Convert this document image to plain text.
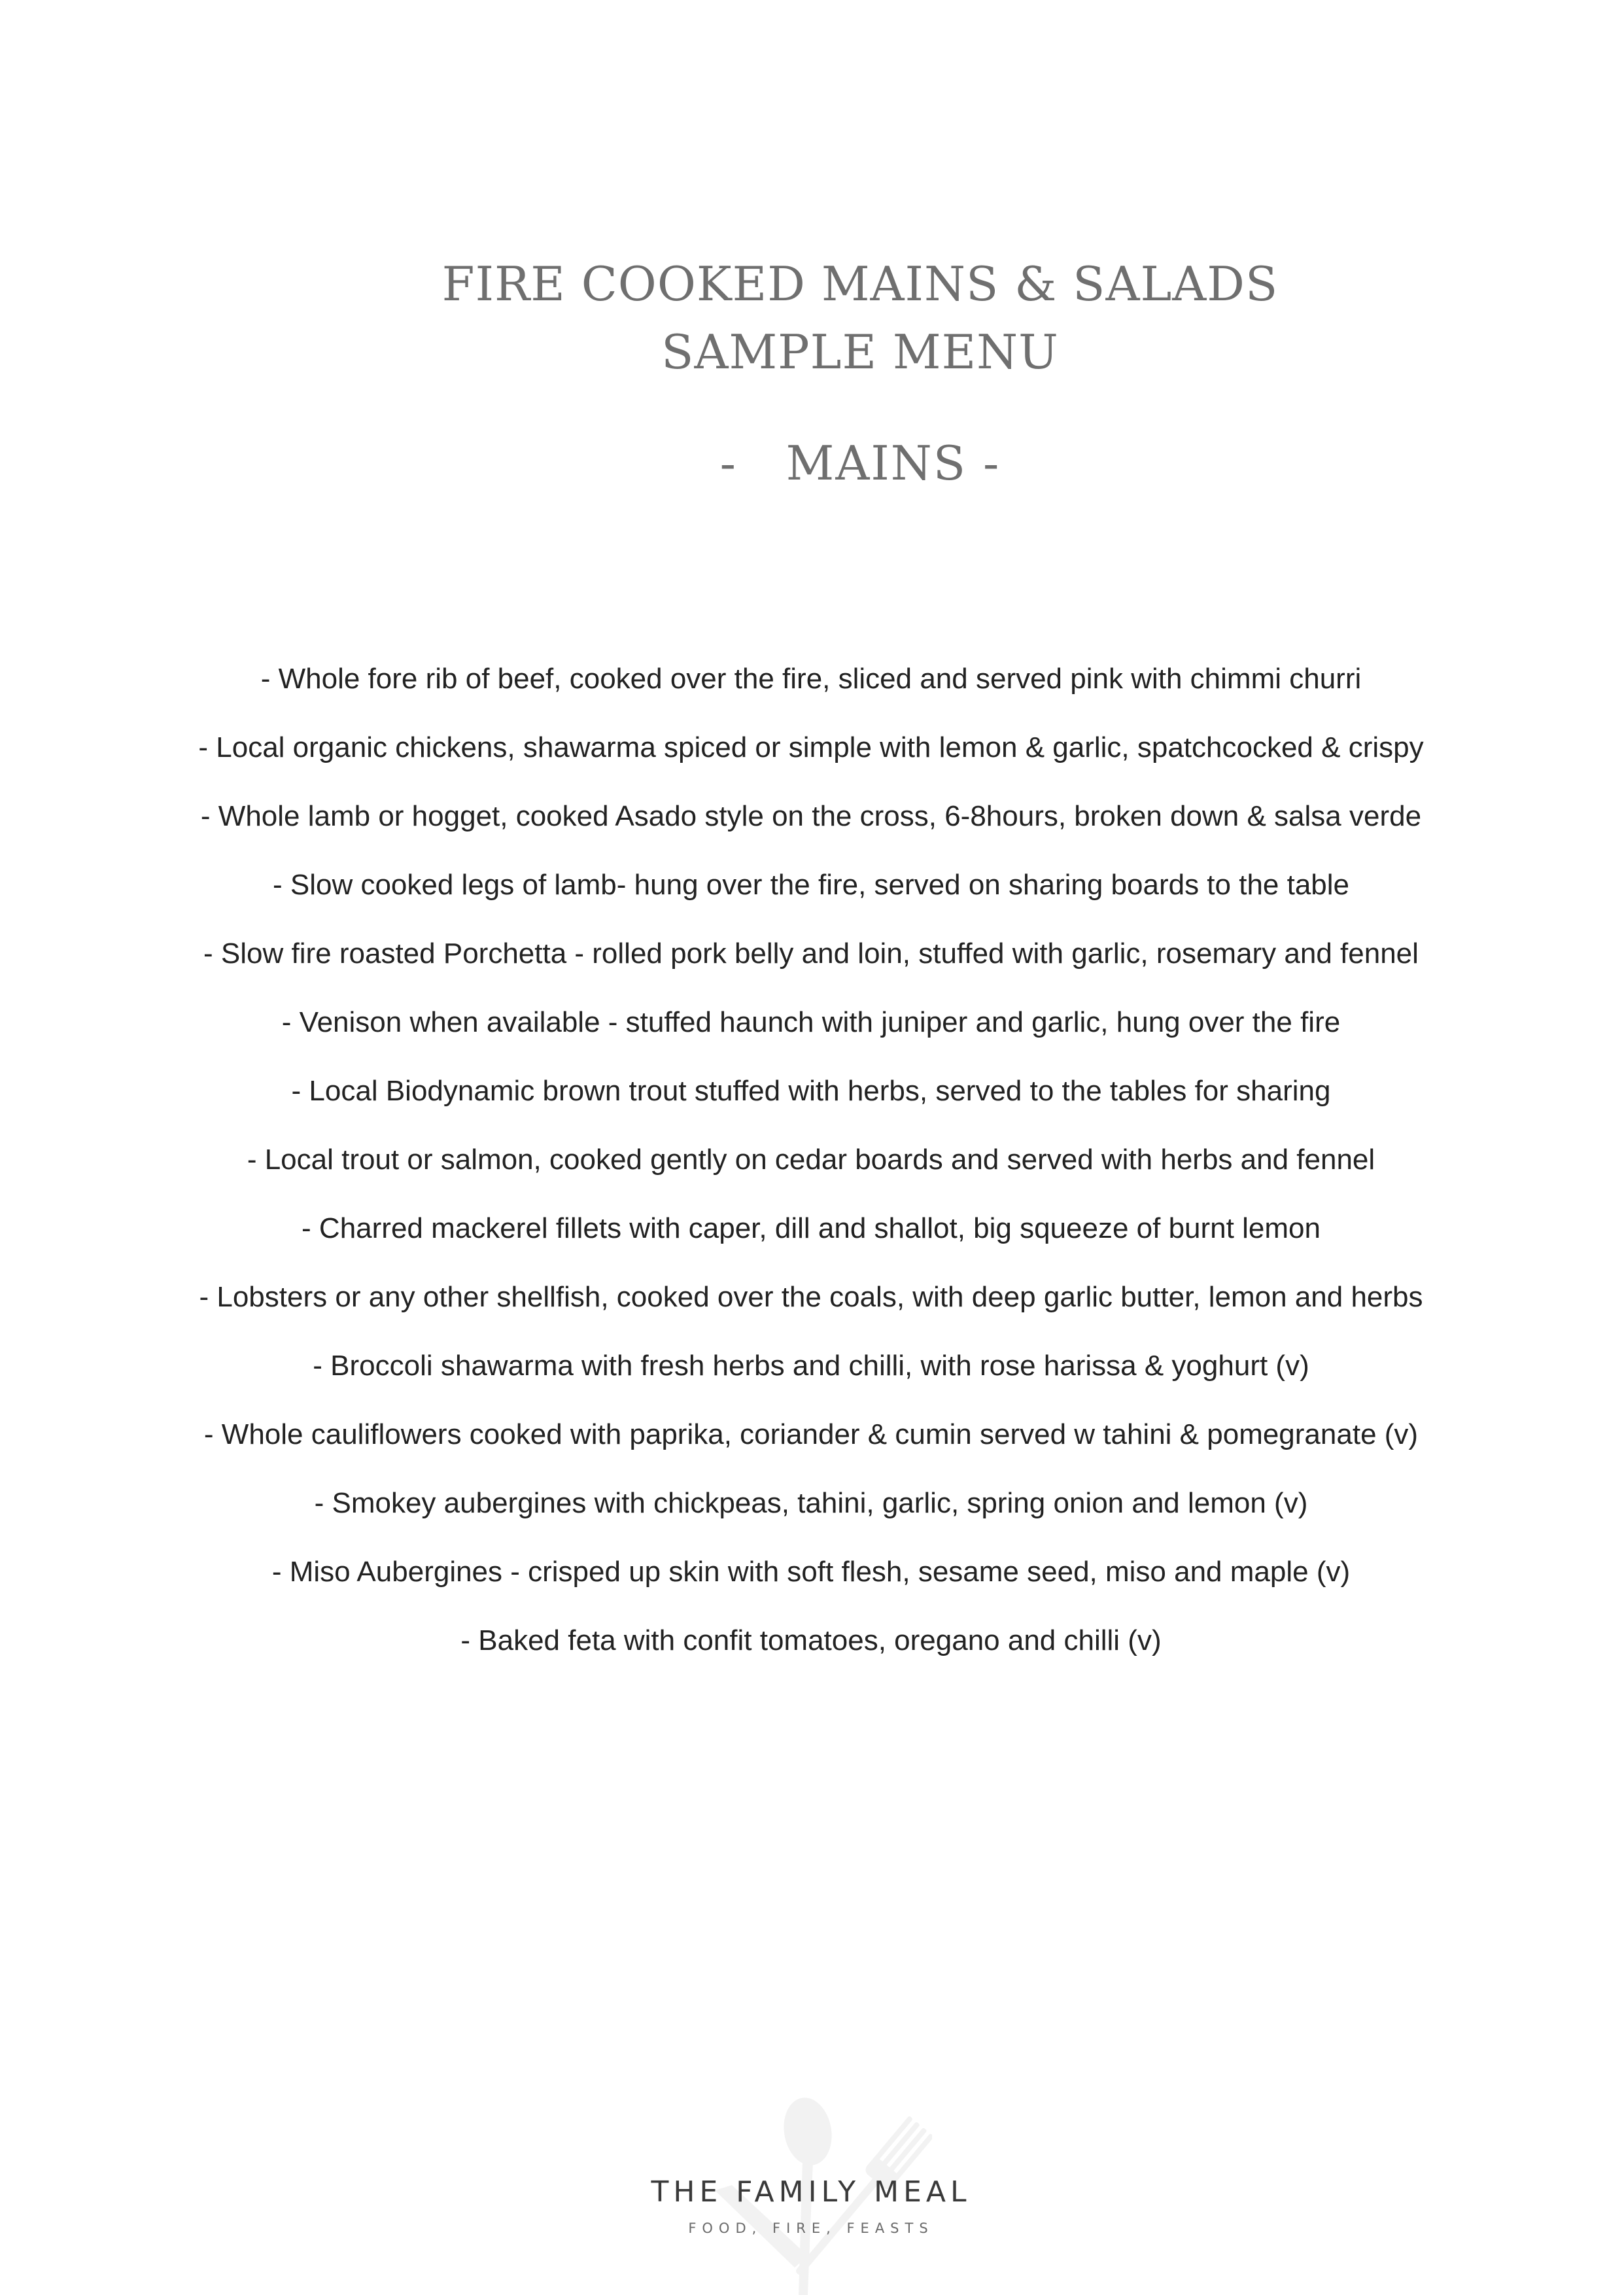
FIRE COOKED MAINS & SALADS
SAMPLE MENU
-   MAINS -
- Whole fore rib of beef, cooked over the fire, sliced and served pink with chimmi churri
- Local organic chickens, shawarma spiced or simple with lemon & garlic, spatchcocked & crispy
- Whole lamb or hogget, cooked Asado style on the cross, 6-8hours, broken down & salsa verde
- Slow cooked legs of lamb- hung over the fire, served on sharing boards to the table
- Slow fire roasted Porchetta - rolled pork belly and loin, stuffed with garlic, rosemary and fennel
- Venison when available - stuffed haunch with juniper and garlic, hung over the fire
- Local Biodynamic brown trout stuffed with herbs, served to the tables for sharing
- Local trout or salmon, cooked gently on cedar boards and served with herbs and fennel
- Charred mackerel fillets with caper, dill and shallot, big squeeze of burnt lemon
- Lobsters or any other shellfish, cooked over the coals, with deep garlic butter, lemon and herbs
- Broccoli shawarma with fresh herbs and chilli, with rose harissa & yoghurt (v)
- Whole cauliflowers cooked with paprika, coriander & cumin served w tahini & pomegranate (v)
- Smokey aubergines with chickpeas, tahini, garlic, spring onion and lemon (v)
- Miso Aubergines - crisped up skin with soft flesh, sesame seed, miso and maple (v)
- Baked feta with confit tomatoes, oregano and chilli (v)
THE FAMILY MEAL
FOOD, FIRE, FEASTS
